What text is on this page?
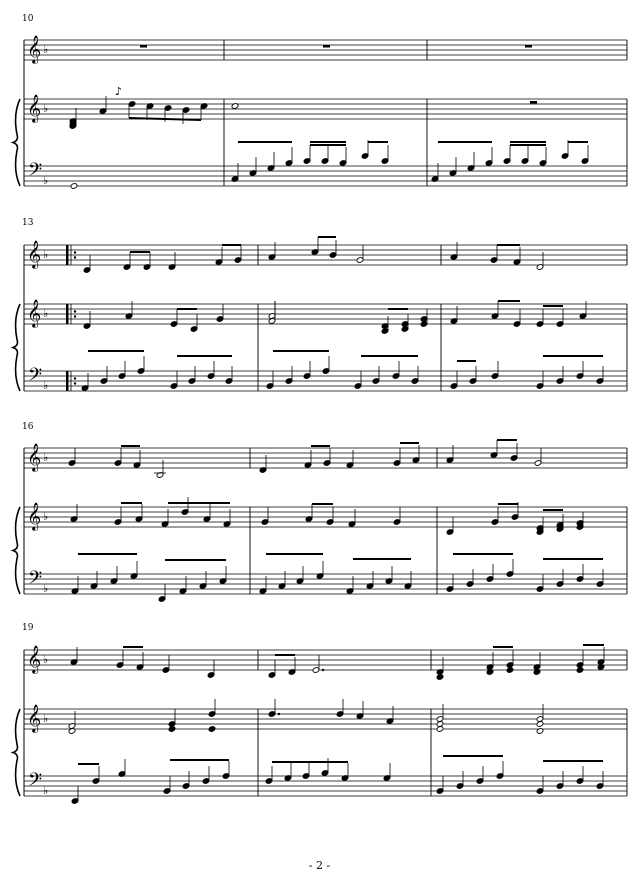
10
13
16
19
- 2 -
𝄞
𝄞
𝄢
♭
♭
♭
𝄞
𝄞
𝄢
♭
♭
♭
𝄞
𝄞
𝄢
♭
♭
♭
𝄞
𝄞
𝄢
♭
♭
♭
♪
